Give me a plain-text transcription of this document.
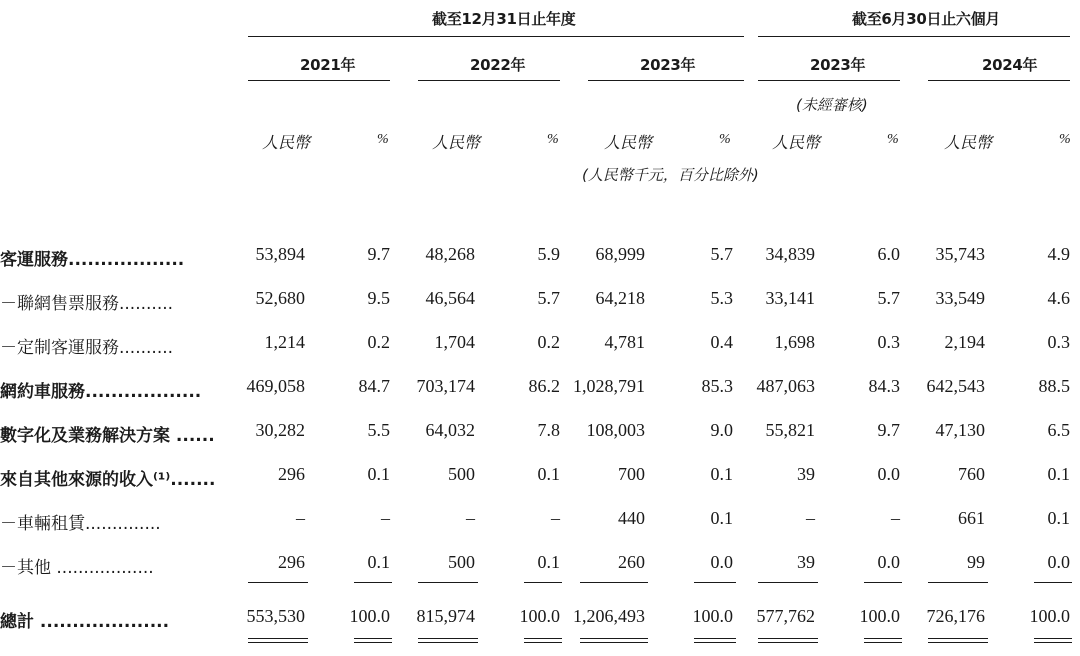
截至12月31日止年度	截至6月30日止六個月
2021年	2022年	2023年	2023年	2024年
(未經審核)
人民幣	%	人民幣	%	人民幣	%	人民幣	%	人民幣	%
(人民幣千元，百分比除外)
客運服務..................	53,894	9.7 48,268	5.9 68,999	5.7 34,839	6.0 35,743	4.9
－聯網售票服務..........	52,680	9.5 46,564	5.7 64,218	5.3 33,141	5.7 33,549	4.6
－定制客運服務..........	1,214	0.2 1,704	0.2 4,781	0.4 1,698	0.3 2,194	0.3
網約車服務..................	469,058	84.7 703,174	86.2 1,028,791	85.3 487,063	84.3 642,543	88.5
數字化及業務解決方案 ...... 30,282	5.5 64,032	7.8 108,003	9.0 55,821	9.7 47,130	6.5
來自其他來源的收入⁽¹⁾.......	296	0.1	500	0.1	700	0.1	39	0.0	760	0.1
－車輛租賃..............	–	–	–	–	440	0.1	–	–	661	0.1
－其他 ..................	296	0.1	500	0.1	260	0.0	39	0.0	99	0.0
總計 ....................	553,530 100.0 815,974 100.0 1,206,493	100.0 577,762 100.0 726,176 100.0
